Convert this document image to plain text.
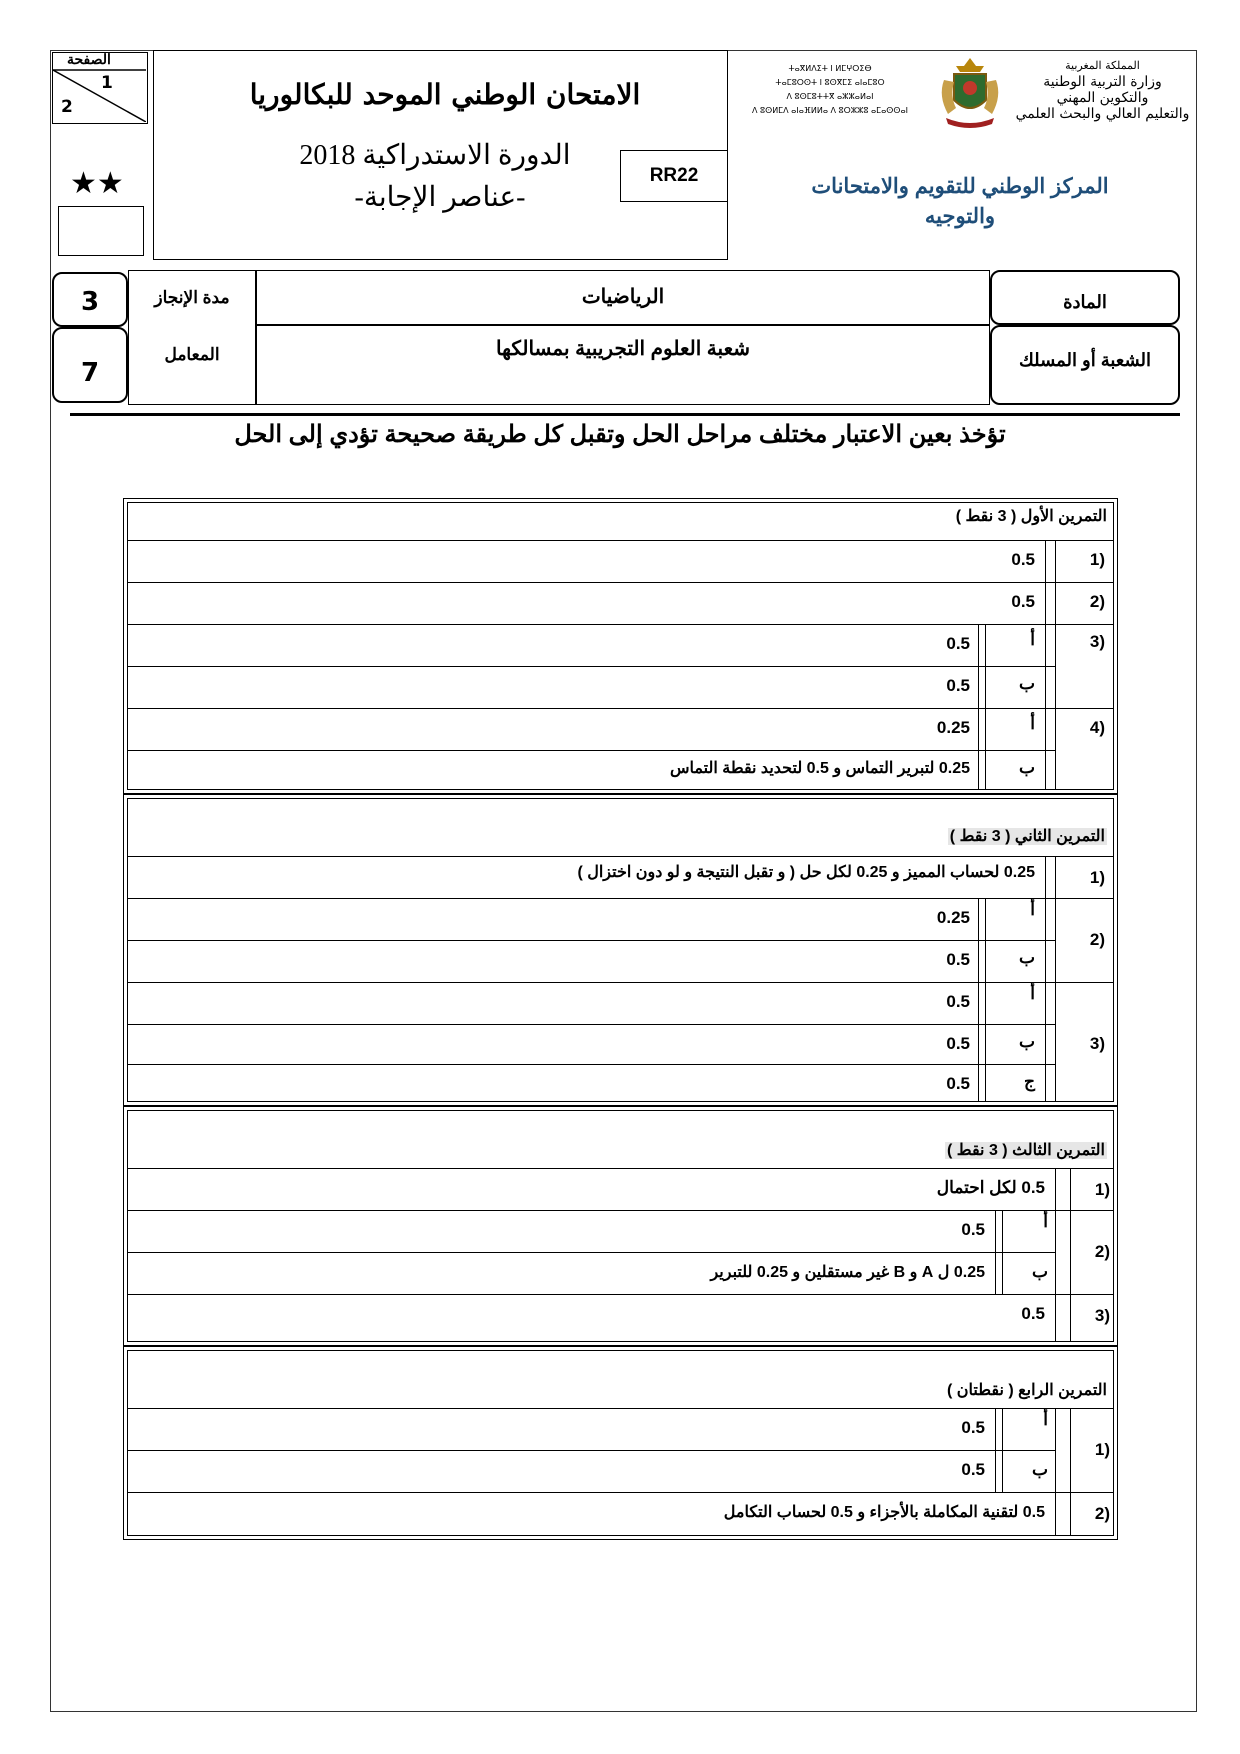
الصفحة
1
2
★★
الامتحان الوطني الموحد للبكالوريا
الدورة الاستدراكية 2018
-عناصر الإجابة-
RR22
ⵜⴰⴳⵍⴷⵉⵜ ⵏ ⵍⵎⵖⵔⵉⴱ
ⵜⴰⵎⵓⵔⵙⵜ ⵏ ⵓⵙⴳⵎⵉ ⴰⵏⴰⵎⵓⵔ
ⴷ ⵓⵙⵎⵓⵜⵜⴳ ⴰⵣⵣⴰⵍⴰⵏ
ⴷ ⵓⵙⵍⵎⴷ ⴰⵏⴰⴼⵍⵍⴰ ⴷ ⵓⵔⵣⵣⵓ ⴰⵎⴰⵙⵙⴰⵏ
المملكة المغربية
وزارة التربية الوطنية
والتكوين المهني
والتعليم العالي والبحث العلمي
المركز الوطني للتقويم والامتحانات
والتوجيه
3
7
مدة الإنجاز
المعامل
الرياضيات
شعبة العلوم التجريبية بمسالكها
المادة
الشعبة أو المسلك
تؤخذ بعين الاعتبار مختلف مراحل الحل وتقبل كل طريقة صحيحة تؤدي إلى الحل
التمرين الأول ( 3 نقط )
(1
0.5
(2
0.5
(3
أ
0.5
ب
0.5
(4
أ
0.25
ب
0.25 لتبرير التماس و 0.5 لتحديد نقطة التماس
التمرين الثاني ( 3 نقط )
(1
0.25 لحساب المميز و 0.25 لكل حل ( و تقبل النتيجة و لو دون اختزال )
(2
أ
0.25
ب
0.5
(3
أ
0.5
ب
0.5
ج
0.5
التمرين الثالث ( 3 نقط )
(1
0.5 لكل احتمال
(2
أ
0.5
ب
0.25 ل A و B غير مستقلين و 0.25 للتبرير
(3
0.5
التمرين الرابع ( نقطتان )
(1
أ
0.5
ب
0.5
(2
0.5 لتقنية المكاملة بالأجزاء و 0.5 لحساب التكامل
